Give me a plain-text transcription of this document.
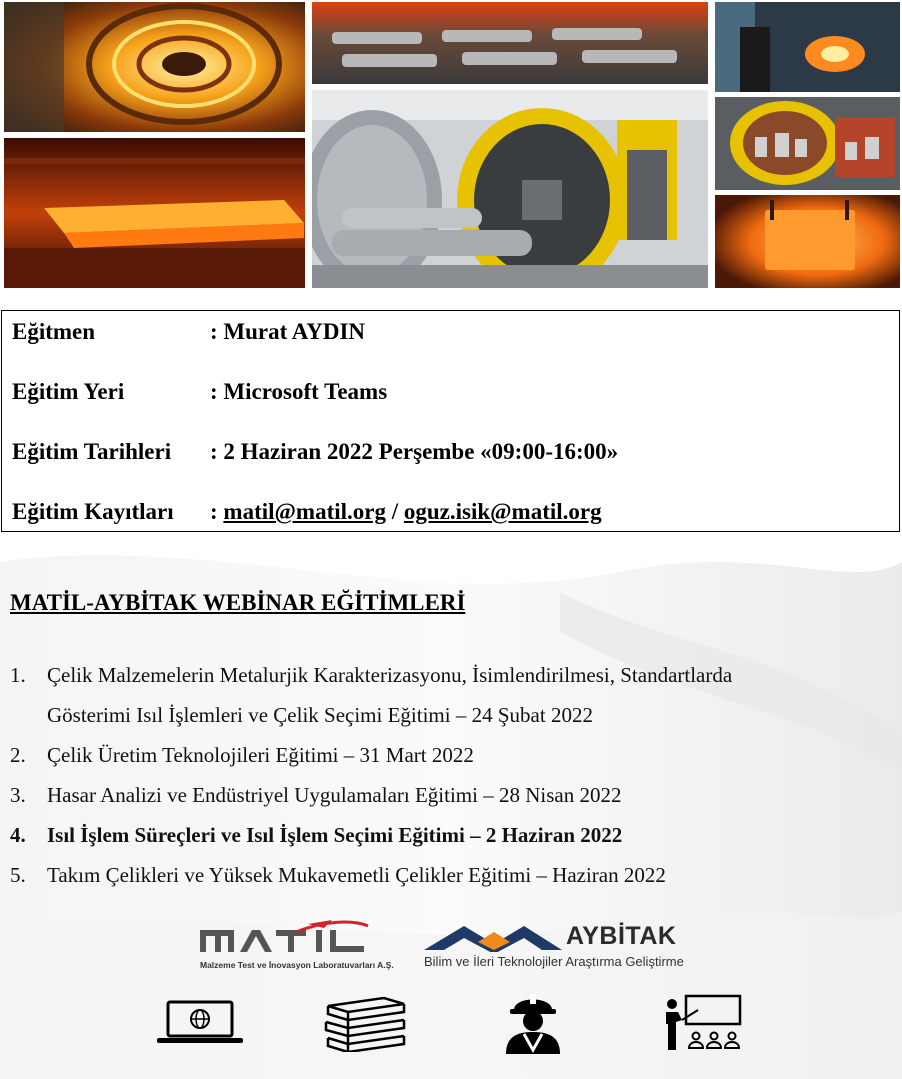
Eğitmen	: Murat AYDIN
Eğitim Yeri	: Microsoft Teams
Eğitim Tarihleri : 2 Haziran 2022 Perşembe «09:00-16:00»
Eğitim Kayıtları : matil@matil.org / oguz.isik@matil.org
MATİL-AYBİTAK WEBİNAR EĞİTİMLERİ
1. Çelik Malzemelerin Metalurjik Karakterizasyonu, İsimlendirilmesi, Standartlarda
Gösterimi Isıl İşlemleri ve Çelik Seçimi Eğitimi – 24 Şubat 2022
2. Çelik Üretim Teknolojileri Eğitimi – 31 Mart 2022
3. Hasar Analizi ve Endüstriyel Uygulamaları Eğitimi – 28 Nisan 2022
4. Isıl İşlem Süreçleri ve Isıl İşlem Seçimi Eğitimi – 2 Haziran 2022
5. Takım Çelikleri ve Yüksek Mukavemetli Çelikler Eğitimi – Haziran 2022
Malzeme Test ve İnovasyon Laboratuvarları A.Ş.
AYBİTAK
Bilim ve İleri Teknolojiler Araştırma Geliştirme
